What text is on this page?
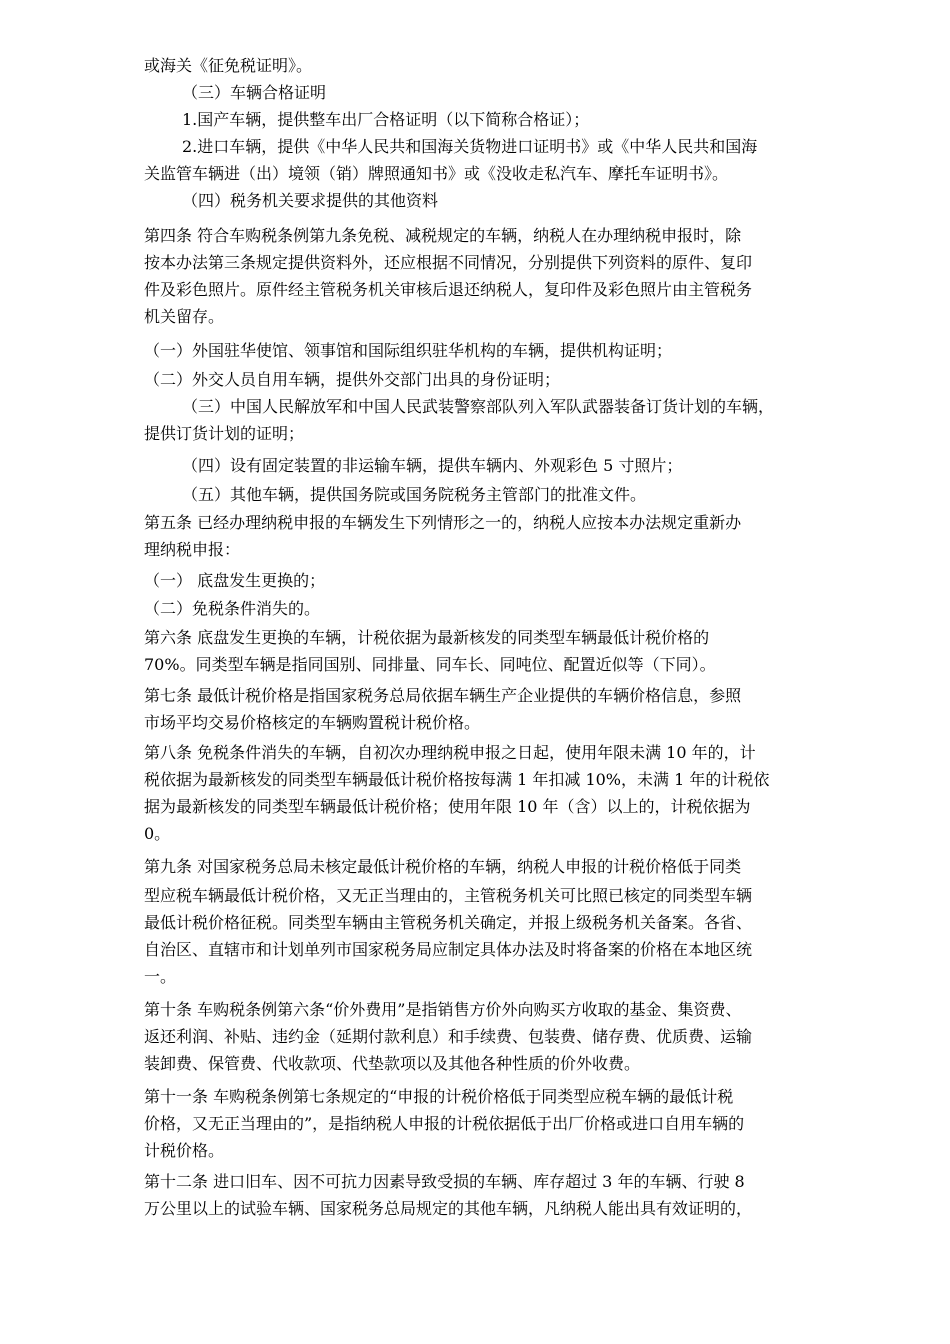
或海关《征免税证明》。
（三）车辆合格证明
1.国产车辆，提供整车出厂合格证明（以下简称合格证）；
2.进口车辆，提供《中华人民共和国海关货物进口证明书》或《中华人民共和国海
关监管车辆进（出）境领（销）牌照通知书》或《没收走私汽车、摩托车证明书》。
（四）税务机关要求提供的其他资料
第四条 符合车购税条例第九条免税、减税规定的车辆，纳税人在办理纳税申报时，除
按本办法第三条规定提供资料外，还应根据不同情况，分别提供下列资料的原件、复印
件及彩色照片。原件经主管税务机关审核后退还纳税人，复印件及彩色照片由主管税务
机关留存。
（一）外国驻华使馆、领事馆和国际组织驻华机构的车辆，提供机构证明；
（二）外交人员自用车辆，提供外交部门出具的身份证明；
（三）中国人民解放军和中国人民武装警察部队列入军队武器装备订货计划的车辆，
提供订货计划的证明；
（四）设有固定装置的非运输车辆，提供车辆内、外观彩色 5 寸照片；
（五）其他车辆，提供国务院或国务院税务主管部门的批准文件。
第五条 已经办理纳税申报的车辆发生下列情形之一的，纳税人应按本办法规定重新办
理纳税申报：
（一） 底盘发生更换的；
（二）免税条件消失的。
第六条 底盘发生更换的车辆，计税依据为最新核发的同类型车辆最低计税价格的
70%。同类型车辆是指同国别、同排量、同车长、同吨位、配置近似等（下同）。
第七条 最低计税价格是指国家税务总局依据车辆生产企业提供的车辆价格信息，参照
市场平均交易价格核定的车辆购置税计税价格。
第八条 免税条件消失的车辆，自初次办理纳税申报之日起，使用年限未满 10 年的，计
税依据为最新核发的同类型车辆最低计税价格按每满 1 年扣减 10%，未满 1 年的计税依
据为最新核发的同类型车辆最低计税价格；使用年限 10 年（含）以上的，计税依据为
0。
第九条 对国家税务总局未核定最低计税价格的车辆，纳税人申报的计税价格低于同类
型应税车辆最低计税价格，又无正当理由的，主管税务机关可比照已核定的同类型车辆
最低计税价格征税。同类型车辆由主管税务机关确定，并报上级税务机关备案。各省、
自治区、直辖市和计划单列市国家税务局应制定具体办法及时将备案的价格在本地区统
一。
第十条 车购税条例第六条“价外费用”是指销售方价外向购买方收取的基金、集资费、
返还利润、补贴、违约金（延期付款利息）和手续费、包装费、储存费、优质费、运输
装卸费、保管费、代收款项、代垫款项以及其他各种性质的价外收费。
第十一条 车购税条例第七条规定的“申报的计税价格低于同类型应税车辆的最低计税
价格，又无正当理由的”，是指纳税人申报的计税依据低于出厂价格或进口自用车辆的
计税价格。
第十二条 进口旧车、因不可抗力因素导致受损的车辆、库存超过 3 年的车辆、行驶 8
万公里以上的试验车辆、国家税务总局规定的其他车辆，凡纳税人能出具有效证明的，
